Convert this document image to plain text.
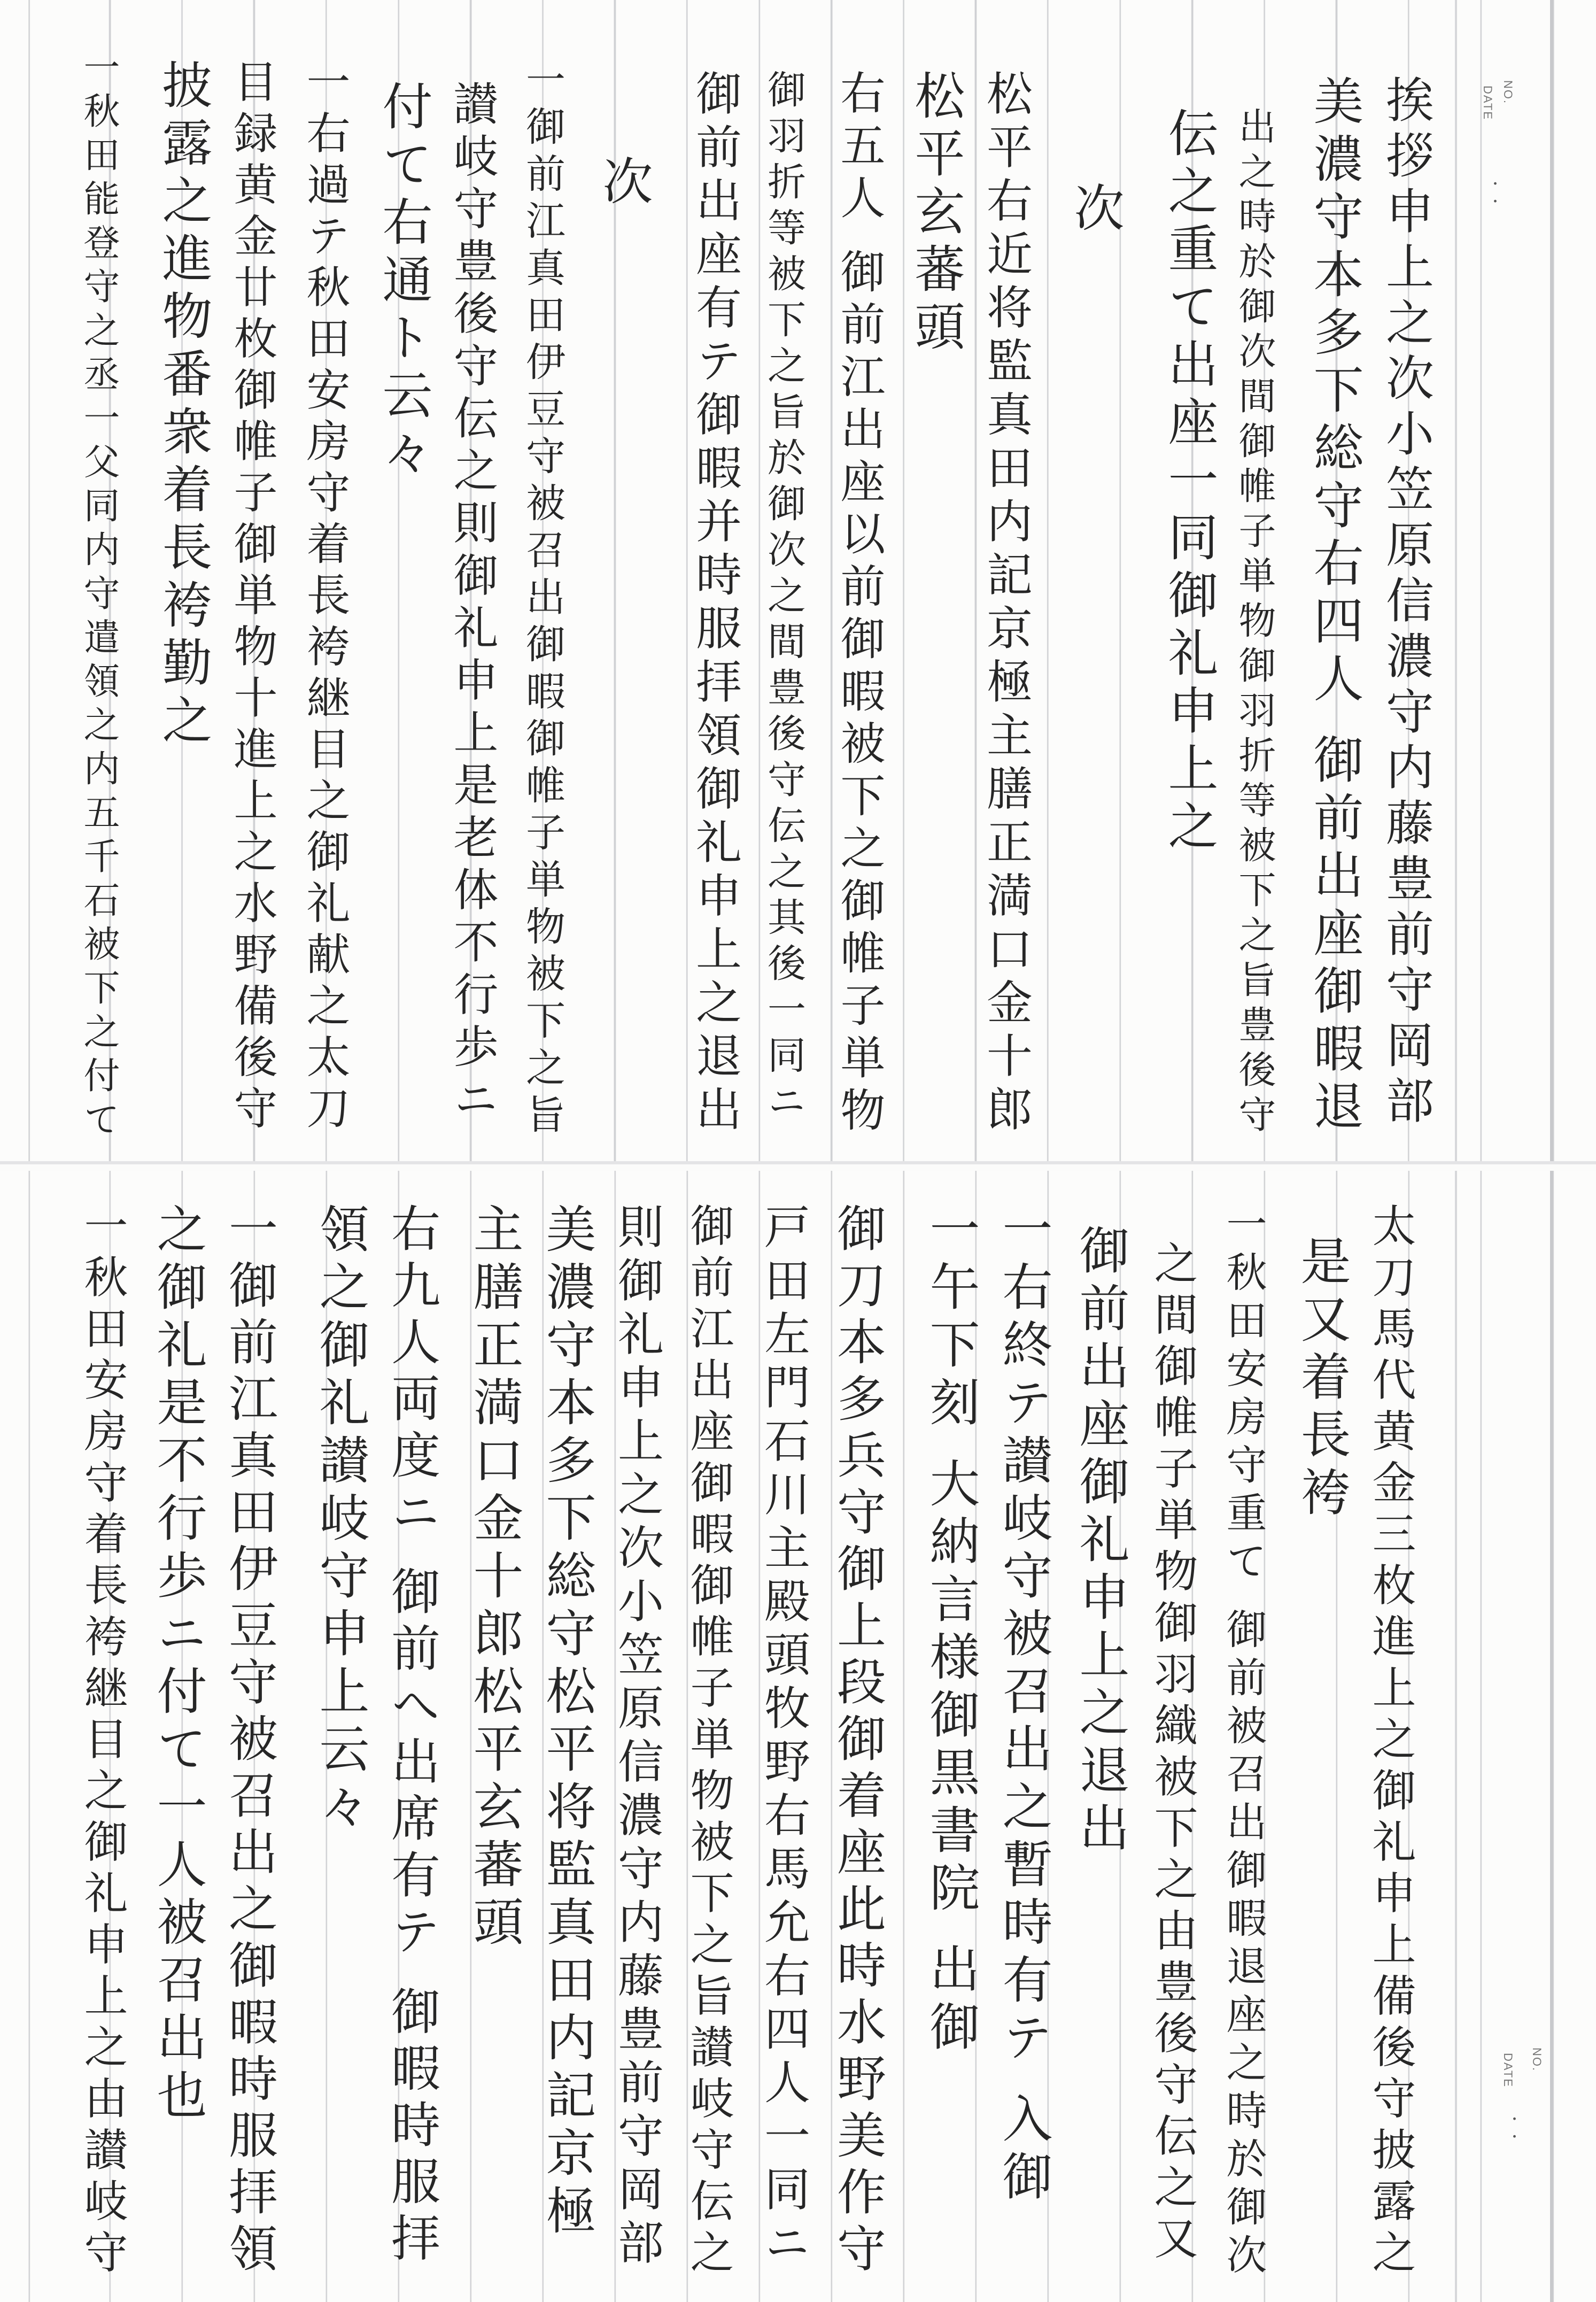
NO.
DATE
・ ・
挨拶申上之次小笠原信濃守内藤豊前守岡部
美濃守本多下総守右四人 御前出座御暇退
出之時於御次間御帷子単物御羽折等被下之旨豊後守
伝之重て出座一同御礼申上之
次
松平右近将監真田内記京極主膳正満口金十郎
松平玄蕃頭
右五人 御前江出座以前御暇被下之御帷子単物
御羽折等被下之旨於御次之間豊後守伝之其後一同ニ
御前出座有テ御暇并時服拝領御礼申上之退出
次
一御前江真田伊豆守被召出御暇御帷子単物被下之旨
讃岐守豊後守伝之則御礼申上是老体不行歩ニ
付て右通ト云々
一右過テ秋田安房守着長袴継目之御礼献之太刀
目録黄金廿枚御帷子御単物十進上之水野備後守
披露之進物番衆着長袴勤之
一秋田能登守之丞一父同内守遣領之内五千石被下之付て
NO.
DATE
・ ・
太刀馬代黄金三枚進上之御礼申上備後守披露之
是又着長袴
一秋田安房守重て 御前被召出御暇退座之時於御次
之間御帷子単物御羽織被下之由豊後守伝之又
御前出座御礼申上之退出
一右終テ讃岐守被召出之暫時有テ 入御
一午下刻 大納言様御黒書院 出御
御刀本多兵守御上段御着座此時水野美作守
戸田左門石川主殿頭牧野右馬允右四人一同ニ
御前江出座御暇御帷子単物被下之旨讃岐守伝之
則御礼申上之次小笠原信濃守内藤豊前守岡部
美濃守本多下総守松平将監真田内記京極
主膳正満口金十郎松平玄蕃頭
右九人両度ニ 御前へ出席有テ 御暇時服拝
領之御礼讃岐守申上云々
一御前江真田伊豆守被召出之御暇時服拝領
之御礼是不行歩ニ付て一人被召出也
一秋田安房守着長袴継目之御礼申上之由讃岐守
